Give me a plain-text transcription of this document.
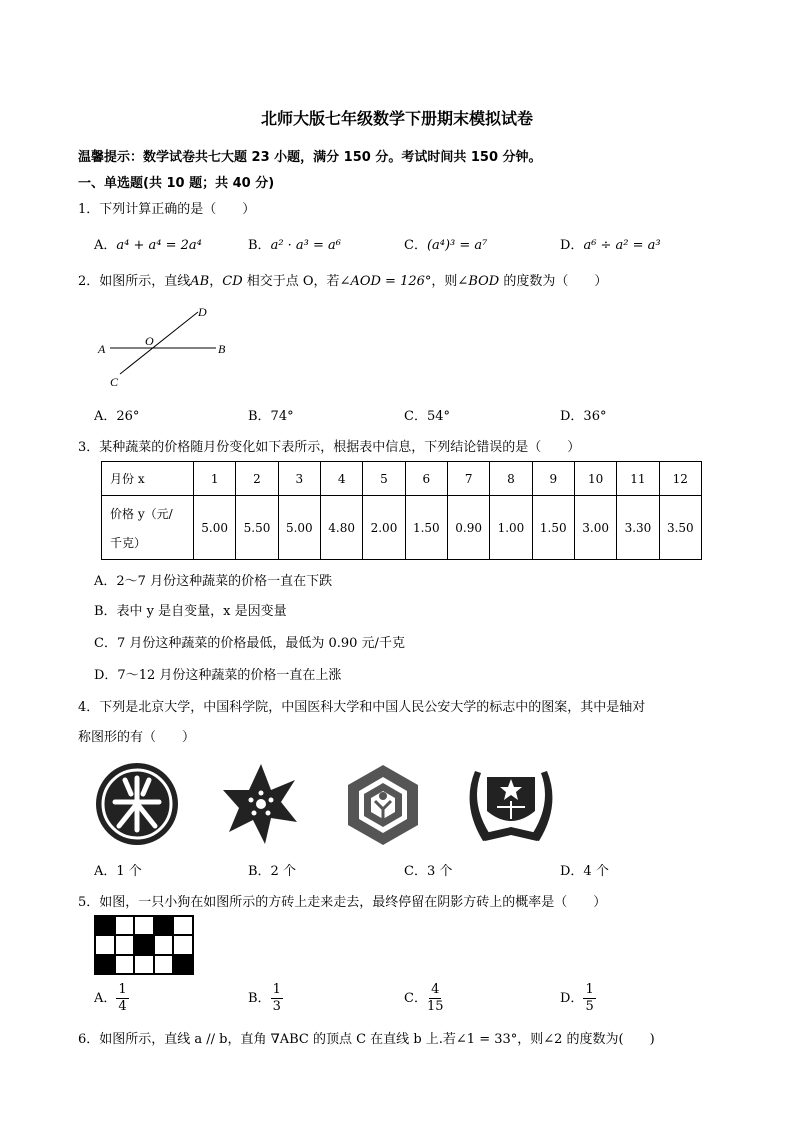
北师大版七年级数学下册期末模拟试卷
温馨提示：数学试卷共七大题 23 小题，满分 150 分。考试时间共 150 分钟。
一、单选题(共 10 题；共 40 分)
1．下列计算正确的是（　　）
A．a⁴ + a⁴ = 2a⁴	B．a² · a³ = a⁶	C．(a⁴)³ = a⁷	D．a⁶ ÷ a² = a³
2．如图所示，直线AB，CD 相交于点 O，若∠AOD = 126°，则∠BOD 的度数为（　　）
A	B
C
D
O
A．26°	B．74°	C．54°	D．36°
3．某种蔬菜的价格随月份变化如下表所示，根据表中信息，下列结论错误的是（　　）
月份 x	1	2	3	4	5	6	7	8	9	10	11	12

价格 y（元/
千克）	5.00	5.50	5.00	4.80	2.00	1.50	0.90	1.00	1.50	3.00	3.30	3.50
A．2～7 月份这种蔬菜的价格一直在下跌
B．表中 y 是自变量，x 是因变量
C．7 月份这种蔬菜的价格最低，最低为 0.90 元/千克
D．7～12 月份这种蔬菜的价格一直在上涨
4．下列是北京大学，中国科学院，中国医科大学和中国人民公安大学的标志中的图案，其中是轴对
称图形的有（　　）
A．1 个	B．2 个	C．3 个	D．4 个
5．如图，一只小狗在如图所示的方砖上走来走去，最终停留在阴影方砖上的概率是（　　）
A． $\frac{1}{4}$	B． $\frac{1}{3}$	C． $\frac{4}{15}$	D． $\frac{1}{5}$
6．如图所示，直线 a // b，直角 ∇ABC 的顶点 C 在直线 b 上.若∠1 = 33°，则∠2 的度数为(　　)
